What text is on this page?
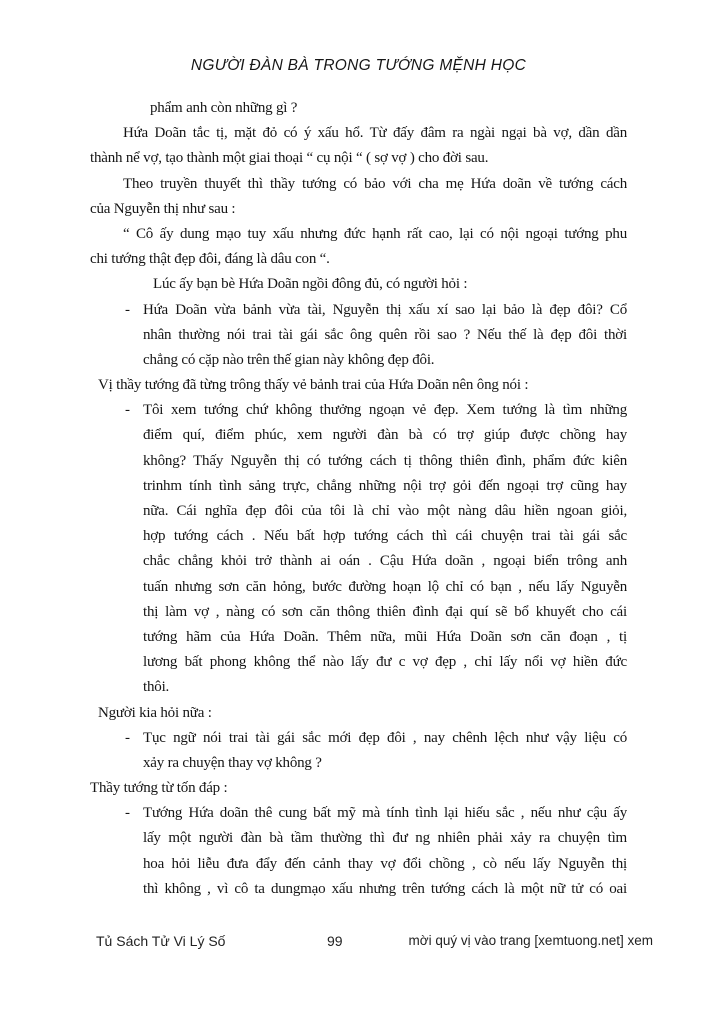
NGƯỜI ĐÀN BÀ TRONG TƯỚNG MỆNH HỌC
phẩm anh còn những gì ?
Hứa Doãn tắc tị, mặt đỏ có ý xấu hổ. Từ đấy đâm ra ngài ngại bà vợ, dần dần
thành nể vợ, tạo thành một giai thoại “ cụ nội “ ( sợ vợ ) cho đời sau.
Theo truyền thuyết thì thầy tướng có bảo với cha mẹ Hứa doãn về tướng cách
của Nguyễn thị như sau :
“ Cô ấy dung mạo tuy xấu nhưng đức hạnh rất cao, lại có nội ngoại tướng phu
chi tướng thật đẹp đôi, đáng là dâu con “.
Lúc ấy bạn bè Hứa Doãn ngồi đông đủ, có người hỏi :
- Hứa Doãn vừa bảnh vừa tài, Nguyễn thị xấu xí sao lại bảo là đẹp đôi? Cổ
nhân thường nói trai tài gái sắc ông quên rồi sao ? Nếu thế là đẹp đôi thời
chẳng có cặp nào trên thế gian này không đẹp đôi.
Vị thầy tướng đã từng trông thấy vẻ bảnh trai của Hứa Doãn nên ông nói :
- Tôi xem tướng chứ không thưởng ngoạn vẻ đẹp. Xem tướng là tìm những
điểm quí, điểm phúc, xem người đàn bà có trợ giúp được chồng hay
không? Thấy Nguyễn thị có tướng cách tị thông thiên đình, phẩm đức kiên
trinhm tính tình sảng trực, chẳng những nội trợ gỏi đến ngoại trợ cũng hay
nữa. Cái nghĩa đẹp đôi của tôi là chỉ vào một nàng dâu hiền ngoan giỏi,
hợp tướng cách . Nếu bất hợp tướng cách thì cái chuyện trai tài gái sắc
chắc chẳng khỏi trở thành ai oán . Cậu Hứa doãn , ngoại biển trông anh
tuấn nhưng sơn căn hỏng, bước đường hoạn lộ chỉ có bạn , nếu lấy Nguyễn
thị làm vợ , nàng có sơn căn thông thiên đình đại quí sẽ bổ khuyết cho cái
tướng hãm của Hứa Doãn. Thêm nữa, mũi Hứa Doãn sơn căn đoạn , tị
lương bất phong không thể nào lấy đư c vợ đẹp , chỉ lấy nổi vợ hiền đức
thôi.
Người kia hỏi nữa :
- Tục ngữ nói trai tài gái sắc mới đẹp đôi , nay chênh lệch như vậy liệu có
xảy ra chuyện thay vợ không ?
Thầy tướng từ tốn đáp :
- Tướng Hứa doãn thê cung bất mỹ mà tính tình lại hiếu sắc , nếu như cậu ấy
lấy một người đàn bà tầm thường thì đư ng nhiên phải xảy ra chuyện tìm
hoa hỏi liễu đưa đẩy đến cảnh thay vợ đổi chồng , cò nếu lấy Nguyễn thị
thì không , vì cô ta dungmạo xấu nhưng trên tướng cách là một nữ tử có oai
Tủ Sách Tử Vi Lý Số	99	mời quý vị vào trang [xemtuong.net] xem
